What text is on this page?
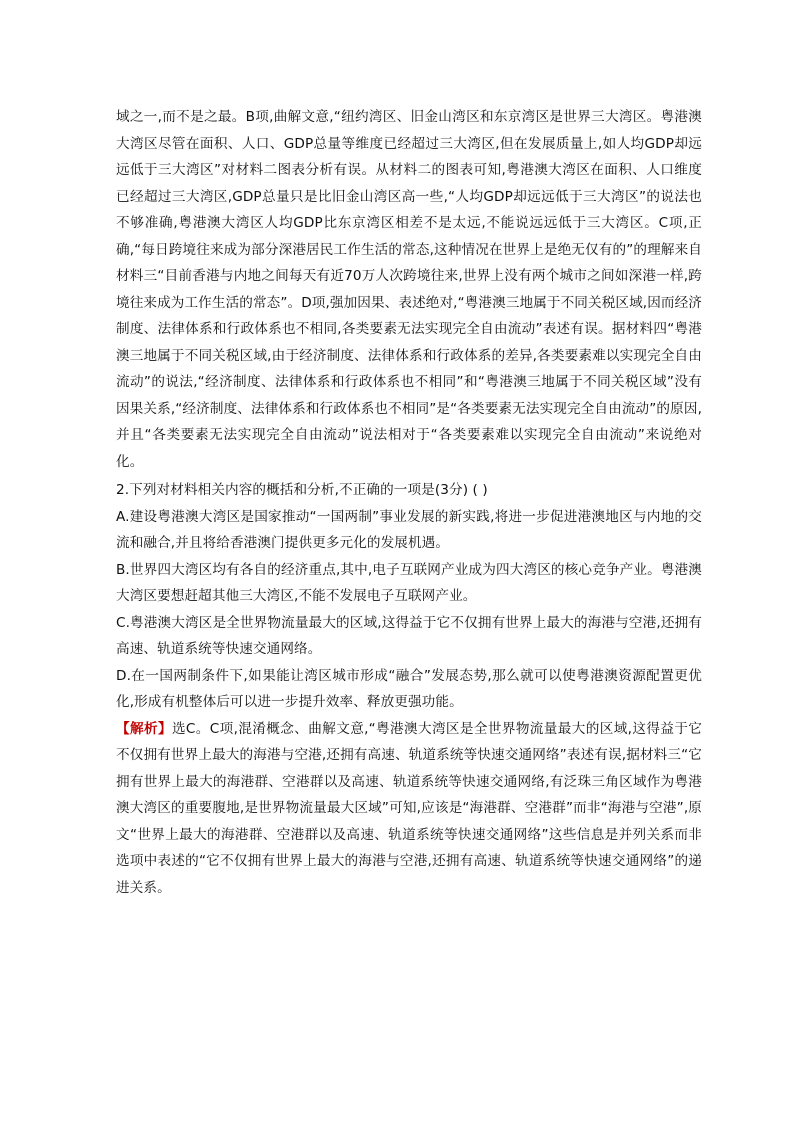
域之一,而不是之最。B项,曲解文意,“纽约湾区、旧金山湾区和东京湾区是世界三大湾区。粤港澳大湾区尽管在面积、人口、GDP总量等维度已经超过三大湾区,但在发展质量上,如人均GDP却远远低于三大湾区”对材料二图表分析有误。从材料二的图表可知,粤港澳大湾区在面积、人口维度已经超过三大湾区,GDP总量只是比旧金山湾区高一些,“人均GDP却远远低于三大湾区”的说法也不够准确,粤港澳大湾区人均GDP比东京湾区相差不是太远,不能说远远低于三大湾区。C项,正确,“每日跨境往来成为部分深港居民工作生活的常态,这种情况在世界上是绝无仅有的”的理解来自材料三“目前香港与内地之间每天有近70万人次跨境往来,世界上没有两个城市之间如深港一样,跨境往来成为工作生活的常态”。D项,强加因果、表述绝对,“粤港澳三地属于不同关税区域,因而经济制度、法律体系和行政体系也不相同,各类要素无法实现完全自由流动”表述有误。据材料四“粤港澳三地属于不同关税区域,由于经济制度、法律体系和行政体系的差异,各类要素难以实现完全自由流动”的说法,“经济制度、法律体系和行政体系也不相同”和“粤港澳三地属于不同关税区域”没有因果关系,“经济制度、法律体系和行政体系也不相同”是“各类要素无法实现完全自由流动”的原因,并且“各类要素无法实现完全自由流动”说法相对于“各类要素难以实现完全自由流动”来说绝对化。

2.下列对材料相关内容的概括和分析,不正确的一项是(3分) ( )

A.建设粤港澳大湾区是国家推动“一国两制”事业发展的新实践,将进一步促进港澳地区与内地的交流和融合,并且将给香港澳门提供更多元化的发展机遇。

B.世界四大湾区均有各自的经济重点,其中,电子互联网产业成为四大湾区的核心竞争产业。粤港澳大湾区要想赶超其他三大湾区,不能不发展电子互联网产业。

C.粤港澳大湾区是全世界物流量最大的区域,这得益于它不仅拥有世界上最大的海港与空港,还拥有高速、轨道系统等快速交通网络。

D.在一国两制条件下,如果能让湾区城市形成“融合”发展态势,那么就可以使粤港澳资源配置更优化,形成有机整体后可以进一步提升效率、释放更强功能。

【解析】选C。C项,混淆概念、曲解文意,“粤港澳大湾区是全世界物流量最大的区域,这得益于它不仅拥有世界上最大的海港与空港,还拥有高速、轨道系统等快速交通网络”表述有误,据材料三“它拥有世界上最大的海港群、空港群以及高速、轨道系统等快速交通网络,有泛珠三角区域作为粤港澳大湾区的重要腹地,是世界物流量最大区域”可知,应该是“海港群、空港群”而非“海港与空港”,原文“世界上最大的海港群、空港群以及高速、轨道系统等快速交通网络”这些信息是并列关系而非选项中表述的“它不仅拥有世界上最大的海港与空港,还拥有高速、轨道系统等快速交通网络”的递进关系。
